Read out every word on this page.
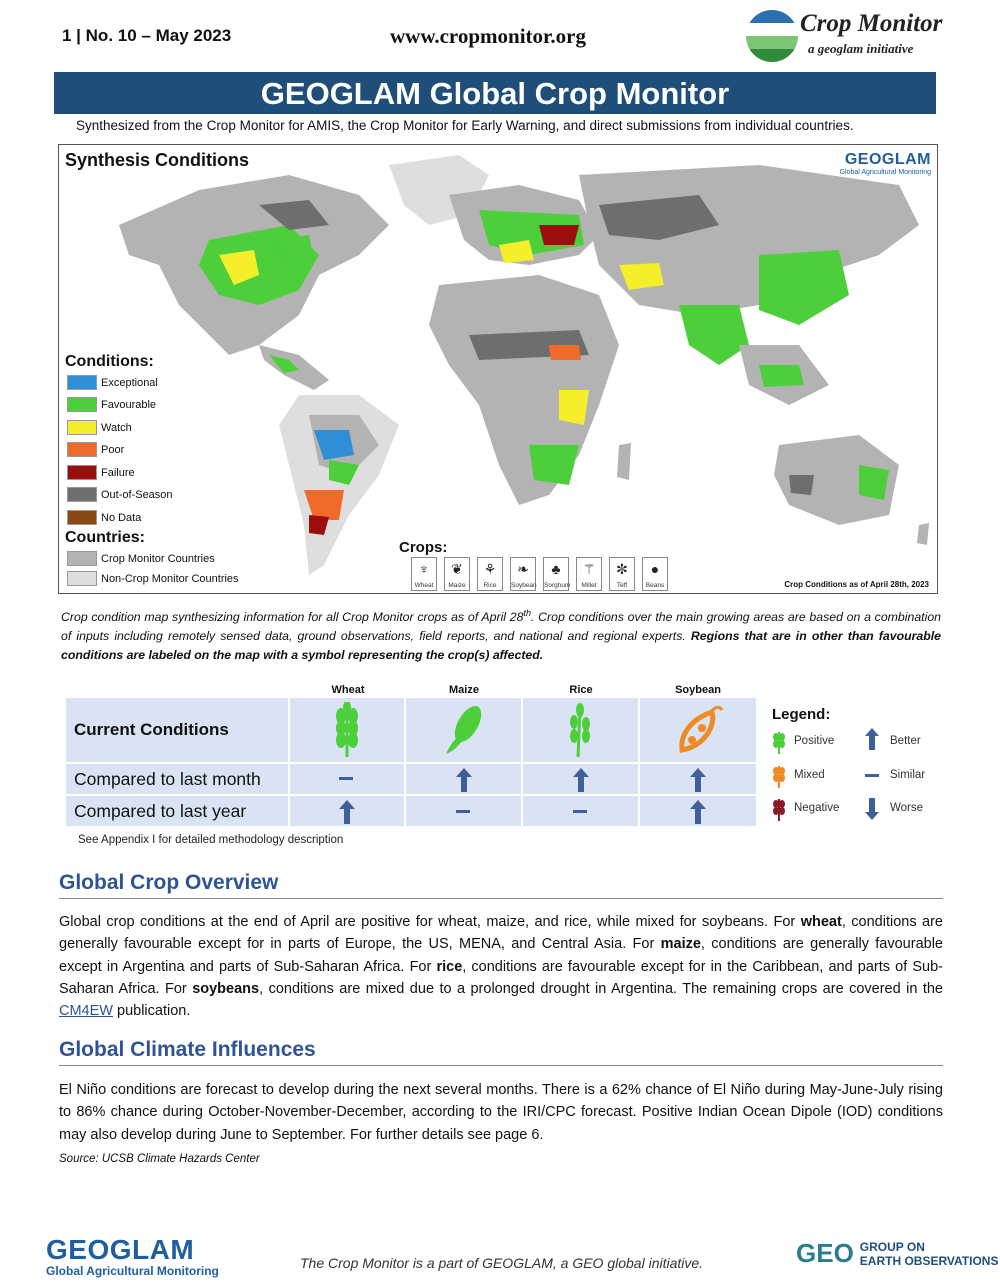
1 | No. 10 – May 2023	www.cropmonitor.org	Crop Monitor
a geoglam initiative
GEOGLAM Global Crop Monitor
Synthesized from the Crop Monitor for AMIS, the Crop Monitor for Early Warning, and direct submissions from individual countries.
Synthesis Conditions	GEOGLAM
Global Agricultural Monitoring
Conditions:
Exceptional
Favourable
Watch
Poor
Failure
Out-of-Season
No Data
Countries:
Crop Monitor Countries
Non-Crop Monitor Countries
Crops:
♆
Wheat
❦
Maize
⚘
Rice
❧
Soybean
♣
Sorghum
⚚
Millet
✼
Teff
●
Beans	Crop Conditions as of April 28th, 2023
Crop condition map synthesizing information for all Crop Monitor crops as of April 28th. Crop conditions over the main growing areas are based on a combination of inputs including remotely sensed data, ground observations, field reports, and national and regional experts. Regions that are in other than favourable conditions are labeled on the map with a symbol representing the crop(s) affected.
Wheat	Maize	Rice	Soybean
Current Conditions
Compared to last month
Compared to last year
See Appendix I for detailed methodology description
Legend:
Positive
Mixed
Negative
Better
Similar
Worse
Global Crop Overview
Global crop conditions at the end of April are positive for wheat, maize, and rice, while mixed for soybeans. For wheat, conditions are generally favourable except for in parts of Europe, the US, MENA, and Central Asia. For maize, conditions are generally favourable except in Argentina and parts of Sub-Saharan Africa. For rice, conditions are favourable except for in the Caribbean, and parts of Sub-Saharan Africa. For soybeans, conditions are mixed due to a prolonged drought in Argentina. The remaining crops are covered in the CM4EW publication.
Global Climate Influences
El Niño conditions are forecast to develop during the next several months. There is a 62% chance of El Niño during May-June-July rising to 86% chance during October-November-December, according to the IRI/CPC forecast. Positive Indian Ocean Dipole (IOD) conditions may also develop during June to September. For further details see page 6.
Source: UCSB Climate Hazards Center
GEOGLAM
Global Agricultural Monitoring	The Crop Monitor is a part of GEOGLAM, a GEO global initiative.	GEO GROUP ON
EARTH OBSERVATIONS
